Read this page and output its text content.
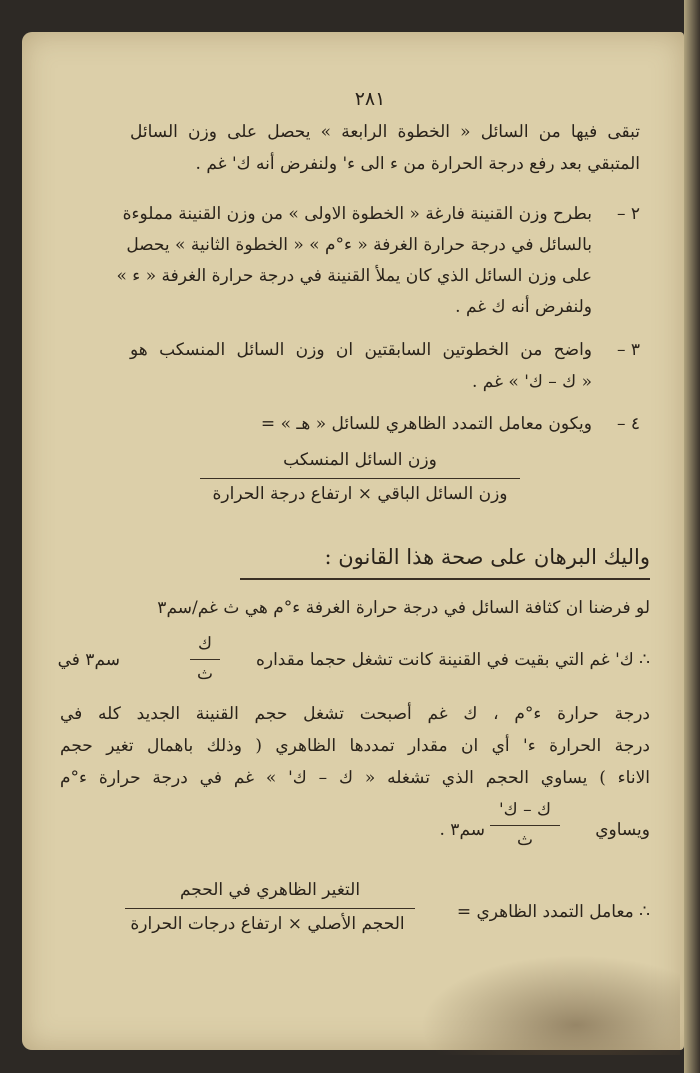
٢٨١
تبقى فيها من السائل « الخطوة الرابعة » يحصل على وزن السائل
المتبقي بعد رفع درجة الحرارة من ء الى ء' ولنفرض أنه ك' غم .
٢ –
بطرح وزن القنينة فارغة « الخطوة الاولى » من وزن القنينة مملوءة
بالسائل في درجة حرارة الغرفة « ء°م » « الخطوة الثانية » يحصل
على وزن السائل الذي كان يملأ القنينة في درجة حرارة الغرفة « ء »
ولنفرض أنه ك غم .
٣ –
واضح من الخطوتين السابقتين ان وزن السائل المنسكب هو
« ك – ك' » غم .
٤ –
ويكون معامل التمدد الظاهري للسائل « هـ » =
وزن السائل المنسكب
وزن السائل الباقي × ارتفاع درجة الحرارة
واليك البرهان على صحة هذا القانون :
لو فرضنا ان كثافة السائل في درجة حرارة الغرفة ء°م هي ث غم/سم٣
سم٣ في
ك
ث
∴ ك' غم التي بقيت في القنينة كانت تشغل حجما مقداره
درجة حرارة ء°م ، ك غم أصبحت تشغل حجم القنينة الجديد كله في
درجة الحرارة ء' أي ان مقدار تمددها الظاهري ( وذلك باهمال تغير حجم
الاناء ) يساوي الحجم الذي تشغله « ك – ك' » غم في درجة حرارة ء°م
ويساوي
ك – ك'
ث
سم٣ .
∴ معامل التمدد الظاهري =
التغير الظاهري في الحجم
الحجم الأصلي × ارتفاع درجات الحرارة
